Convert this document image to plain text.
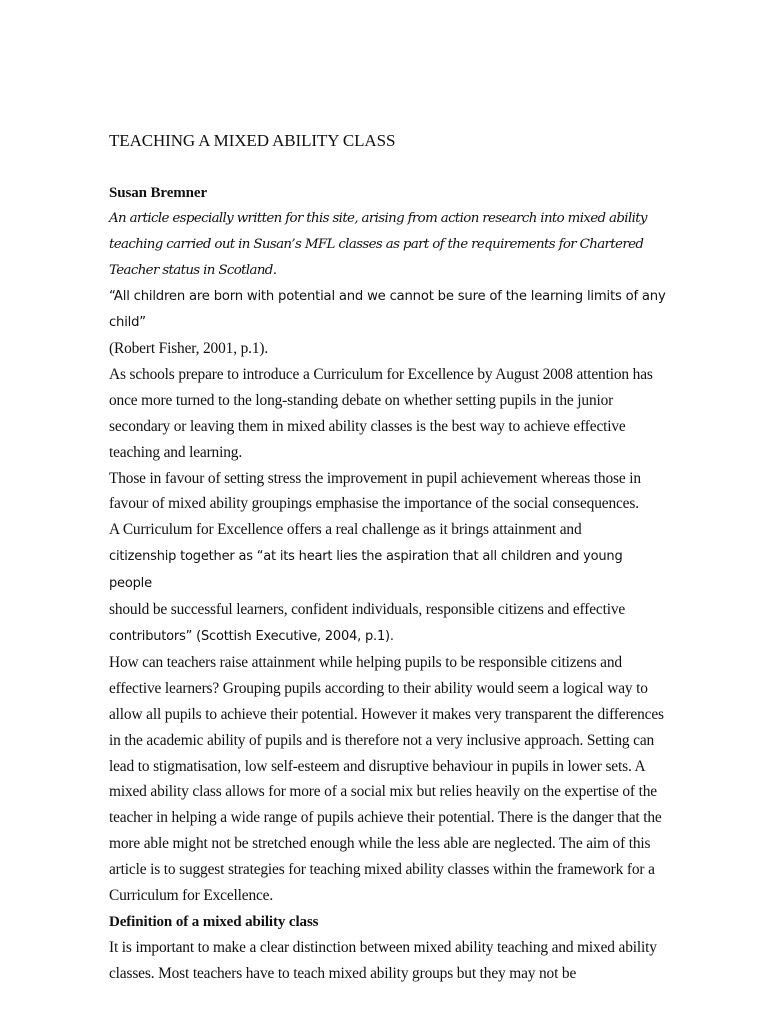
TEACHING A MIXED ABILITY CLASS

Susan Bremner

An article especially written for this site, arising from action research into mixed ability teaching carried out in Susan’s MFL classes as part of the requirements for Chartered Teacher status in Scotland.

“All children are born with potential and we cannot be sure of the learning limits of any child”

(Robert Fisher, 2001, p.1).

As schools prepare to introduce a Curriculum for Excellence by August 2008 attention has once more turned to the long-standing debate on whether setting pupils in the junior secondary or leaving them in mixed ability classes is the best way to achieve effective teaching and learning.

Those in favour of setting stress the improvement in pupil achievement whereas those in favour of mixed ability groupings emphasise the importance of the social consequences.

A Curriculum for Excellence offers a real challenge as it brings attainment and
citizenship together as “at its heart lies the aspiration that all children and young people
should be successful learners, confident individuals, responsible citizens and effective
contributors” (Scottish Executive, 2004, p.1).

How can teachers raise attainment while helping pupils to be responsible citizens and effective learners? Grouping pupils according to their ability would seem a logical way to allow all pupils to achieve their potential. However it makes very transparent the differences in the academic ability of pupils and is therefore not a very inclusive approach. Setting can lead to stigmatisation, low self-esteem and disruptive behaviour in pupils in lower sets. A mixed ability class allows for more of a social mix but relies heavily on the expertise of the teacher in helping a wide range of pupils achieve their potential. There is the danger that the more able might not be stretched enough while the less able are neglected. The aim of this article is to suggest strategies for teaching mixed ability classes within the framework for a Curriculum for Excellence.

Definition of a mixed ability class

It is important to make a clear distinction between mixed ability teaching and mixed ability classes. Most teachers have to teach mixed ability groups but they may not be
